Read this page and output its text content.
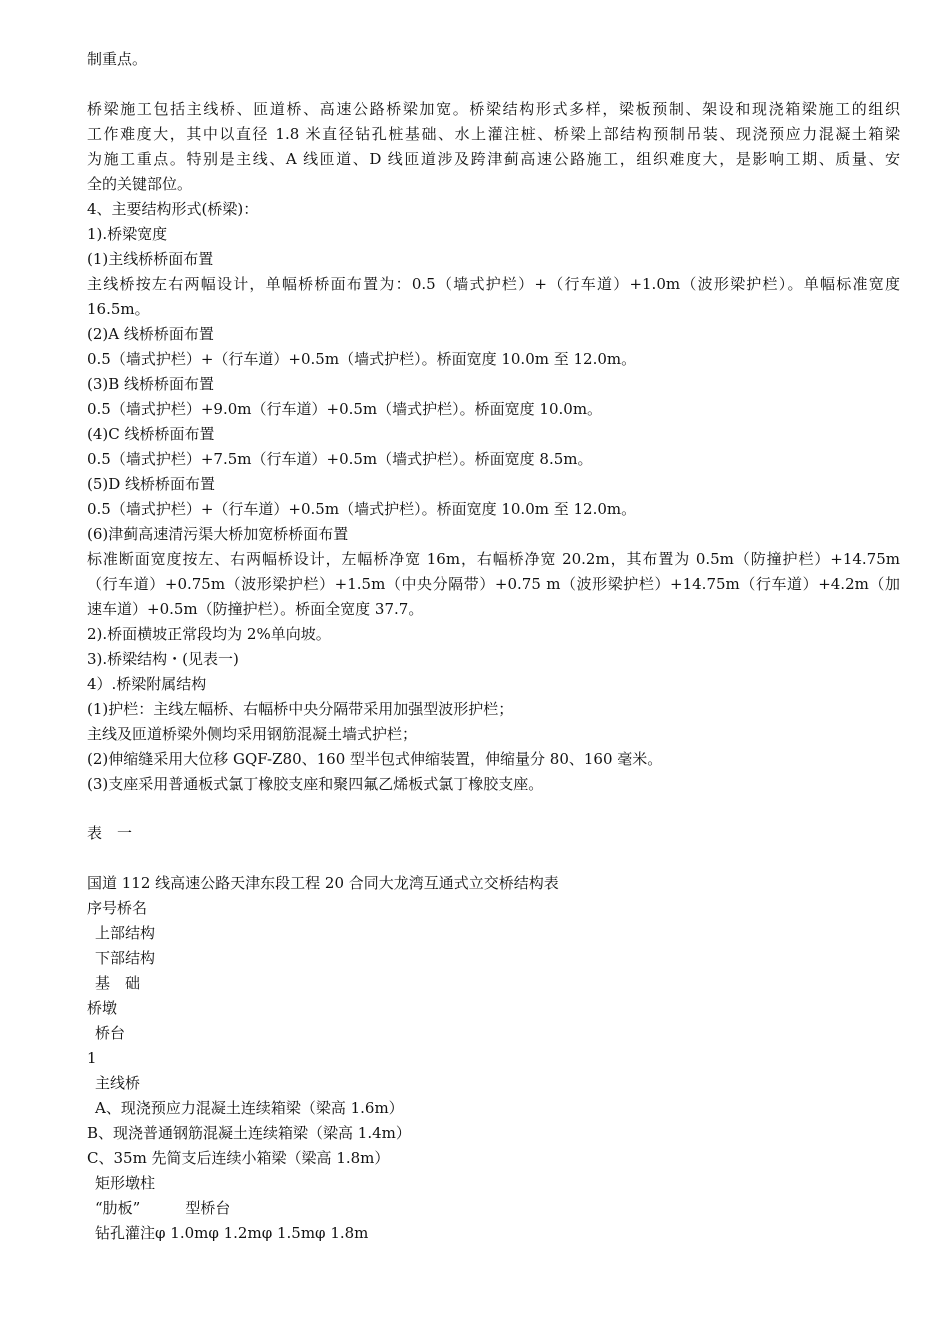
制重点。
桥梁施工包括主线桥、匝道桥、高速公路桥梁加宽。桥梁结构形式多样，梁板预制、架设和现浇箱梁施工的组织
工作难度大，其中以直径 1.8 米直径钻孔桩基础、水上灌注桩、桥梁上部结构预制吊装、现浇预应力混凝土箱梁
为施工重点。特别是主线、A 线匝道、D 线匝道涉及跨津蓟高速公路施工，组织难度大，是影响工期、质量、安
全的关键部位。
4、主要结构形式(桥梁)：
1).桥梁宽度
(1)主线桥桥面布置
主线桥按左右两幅设计，单幅桥桥面布置为：0.5（墙式护栏）+（行车道）+1.0m（波形梁护栏）。单幅标准宽度
16.5m。
(2)A 线桥桥面布置
0.5（墙式护栏）+（行车道）+0.5m（墙式护栏）。桥面宽度 10.0m 至 12.0m。
(3)B 线桥桥面布置
0.5（墙式护栏）+9.0m（行车道）+0.5m（墙式护栏）。桥面宽度 10.0m。
(4)C 线桥桥面布置
0.5（墙式护栏）+7.5m（行车道）+0.5m（墙式护栏）。桥面宽度 8.5m。
(5)D 线桥桥面布置
0.5（墙式护栏）+（行车道）+0.5m（墙式护栏）。桥面宽度 10.0m 至 12.0m。
(6)津蓟高速清污渠大桥加宽桥桥面布置
标准断面宽度按左、右两幅桥设计，左幅桥净宽 16m，右幅桥净宽 20.2m，其布置为 0.5m（防撞护栏）+14.75m
（行车道）+0.75m（波形梁护栏）+1.5m（中央分隔带）+0.75 m（波形梁护栏）+14.75m（行车道）+4.2m（加
速车道）+0.5m（防撞护栏）。桥面全宽度 37.7。
2).桥面横坡正常段均为 2%单向坡。
3).桥梁结构・(见表一)
4）.桥梁附属结构
(1)护栏：主线左幅桥、右幅桥中央分隔带采用加强型波形护栏；
主线及匝道桥梁外侧均采用钢筋混凝土墙式护栏；
(2)伸缩缝采用大位移 GQF-Z80、160 型半包式伸缩装置，伸缩量分 80、160 毫米。
(3)支座采用普通板式氯丁橡胶支座和聚四氟乙烯板式氯丁橡胶支座。
表　一
国道 112 线高速公路天津东段工程 20 合同大龙湾互通式立交桥结构表
序号桥名
上部结构
下部结构
基　础
桥墩
桥台
1
主线桥
A、现浇预应力混凝土连续箱梁（梁高 1.6m）
B、现浇普通钢筋混凝土连续箱梁（梁高 1.4m）
C、35m 先简支后连续小箱梁（梁高 1.8m）
矩形墩柱
“肋板”　　　型桥台
钻孔灌注φ 1.0mφ 1.2mφ 1.5mφ 1.8m
